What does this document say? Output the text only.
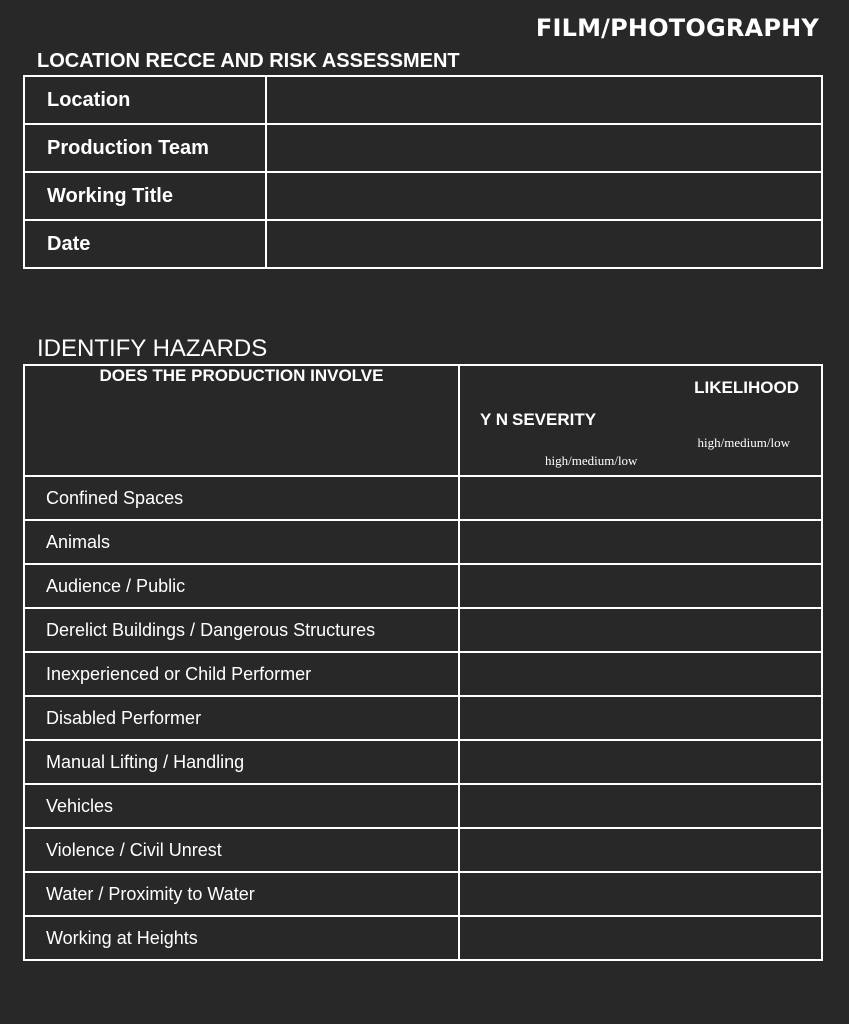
FILM/PHOTOGRAPHY
LOCATION RECCE AND RISK ASSESSMENT
Location	
Production Team	
Working Title	
Date	
IDENTIFY HAZARDS
DOES THE PRODUCTION INVOLVE	LIKELIHOOD
Y N SEVERITY
high/medium/low
high/medium/low

Confined Spaces	
Animals	
Audience / Public	
Derelict Buildings / Dangerous Structures	
Inexperienced or Child Performer	
Disabled Performer	
Manual Lifting / Handling	
Vehicles	
Violence / Civil Unrest	
Water / Proximity to Water	
Working at Heights	
